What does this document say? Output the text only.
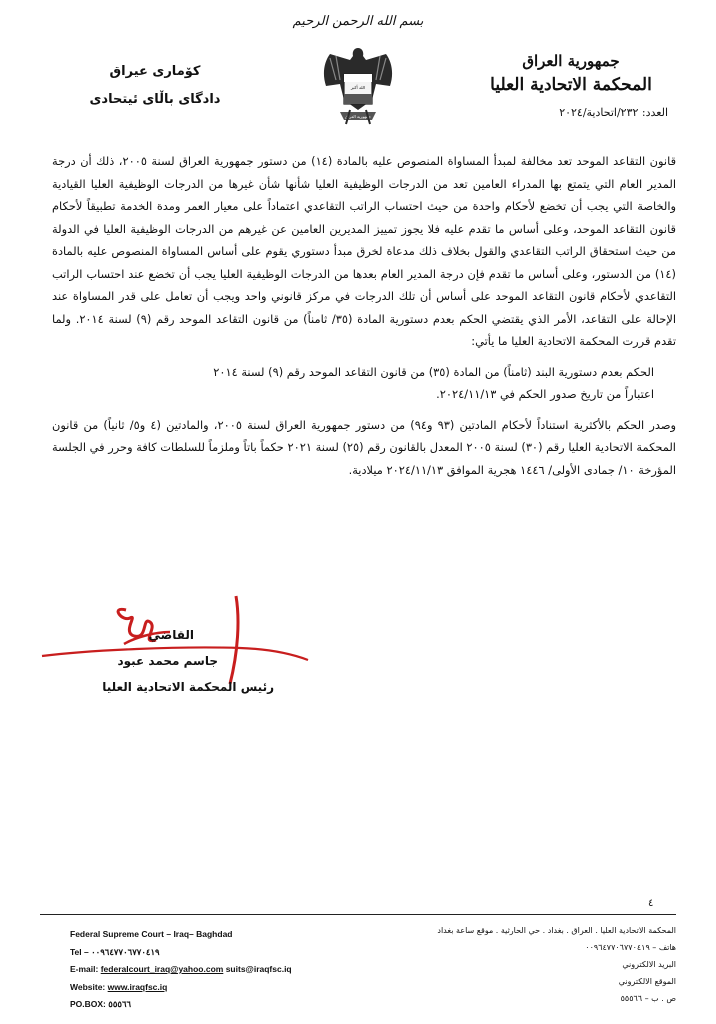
بسم الله الرحمن الرحيم
جمهورية العراق
المحكمة الاتحادية العليا
العدد: ٢٣٢/اتحادية/٢٠٢٤
الله أكبر
جمهورية العراق
كۆماری عیراق
دادگای باڵای ئیتحادی

قانون التقاعد الموحد تعد مخالفة لمبدأ المساواة المنصوص عليه بالمادة (١٤) من دستور جمهورية العراق لسنة ٢٠٠٥، ذلك أن درجة المدير العام التي يتمتع بها المدراء العامين تعد من الدرجات الوظيفية العليا شأنها شأن غيرها من الدرجات الوظيفية العليا القيادية والخاصة التي يجب أن تخضع لأحكام واحدة من حيث احتساب الراتب التقاعدي اعتماداً على معيار العمر ومدة الخدمة تطبيقاً لأحكام قانون التقاعد الموحد، وعلى أساس ما تقدم عليه فلا يجوز تمييز المديرين العامين عن غيرهم من الدرجات الوظيفية العليا في الدولة من حيث استحقاق الراتب التقاعدي والقول بخلاف ذلك مدعاة لخرق مبدأ دستوري يقوم على أساس المساواة المنصوص عليه بالمادة (١٤) من الدستور، وعلى أساس ما تقدم فإن درجة المدير العام بعدها من الدرجات الوظيفية العليا يجب أن تخضع عند احتساب الراتب التقاعدي لأحكام قانون التقاعد الموحد على أساس أن تلك الدرجات في مركز قانوني واحد ويجب أن تعامل على قدر المساواة عند الإحالة على التقاعد، الأمر الذي يقتضي الحكم بعدم دستورية المادة (٣٥/ ثامناً) من قانون التقاعد الموحد رقم (٩) لسنة ٢٠١٤. ولما تقدم قررت المحكمة الاتحادية العليا ما يأتي:

الحكم بعدم دستورية البند (ثامناً) من المادة (٣٥) من قانون التقاعد الموحد رقم (٩) لسنة ٢٠١٤

اعتباراً من تاريخ صدور الحكم في ٢٠٢٤/١١/١٣.

وصدر الحكم بالأكثرية استناداً لأحكام المادتين (٩٣ و٩٤) من دستور جمهورية العراق لسنة ٢٠٠٥، والمادتين (٤ و٥/ ثانياً) من قانون المحكمة الاتحادية العليا رقم (٣٠) لسنة ٢٠٠٥ المعدل بالقانون رقم (٢٥) لسنة ٢٠٢١ حكماً باتاً وملزماً للسلطات كافة وحرر في الجلسة المؤرخة ١٠/ جمادى الأولى/ ١٤٤٦ هجرية الموافق ٢٠٢٤/١١/١٣ ميلادية.

القاضي
جاسم محمد عبود
رئيس المحكمة الاتحادية العليا
٤
Federal Supreme Court – Iraq– Baghdad
Tel – ٠٠٩٦٤٧٧٠٦٧٧٠٤١٩
E-mail: federalcourt_iraq@yahoo.com suits@iraqfsc.iq
Website: www.iraqfsc.iq
PO.BOX: ٥٥٥٦٦
المحكمة الاتحادية العليا . العراق . بغداد . حي الحارثية . موقع ساعة بغداد
هاتف – ٠٠٩٦٤٧٧٠٦٧٧٠٤١٩
البريد الالكتروني
الموقع الالكتروني
ص . ب – ٥٥٥٦٦
